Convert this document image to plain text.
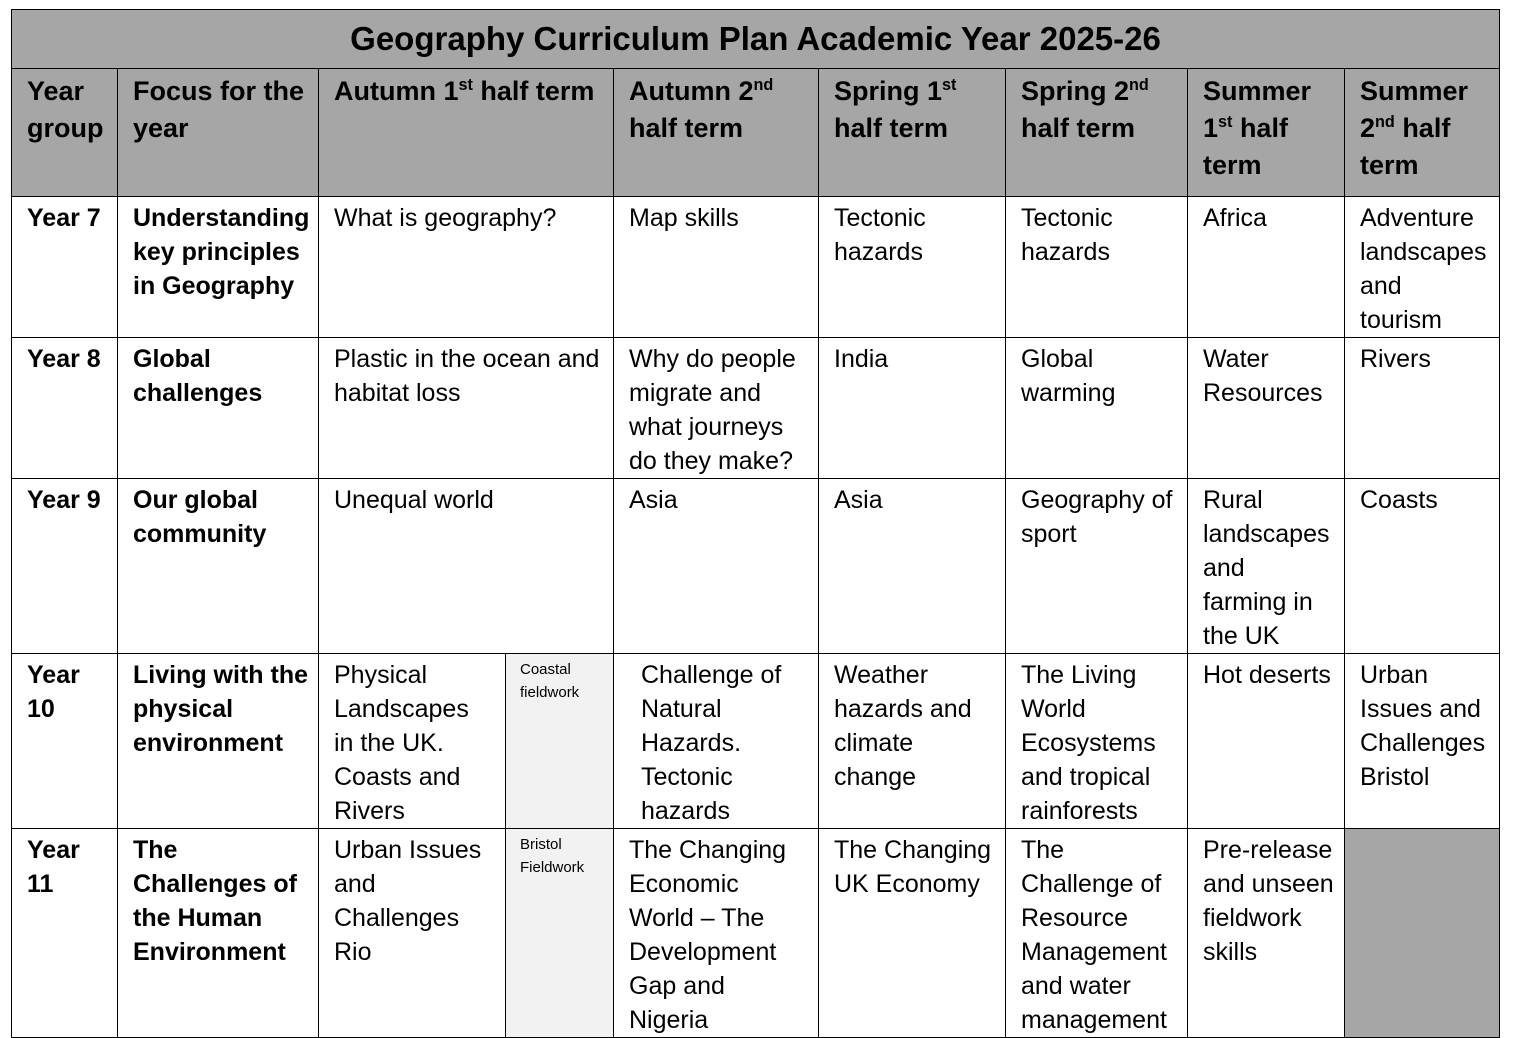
Geography Curriculum Plan Academic Year 2025-26								

Year group	Focus for the year	Autumn 1st half term		Autumn 2nd half term	Spring 1st half term	Spring 2nd half term	Summer 1st half term	Summer 2nd half term

Year 7	Understanding key principles in Geography	What is geography?		Map skills	Tectonic hazards	Tectonic hazards	Africa	Adventure landscapes and tourism

Year 8	Global challenges	Plastic in the ocean and habitat loss		Why do people migrate and what journeys do they make?	India	Global warming	Water Resources	Rivers

Year 9	Our global community	Unequal world		Asia	Asia	Geography of sport	Rural landscapes and farming in the UK	Coasts

Year 10	Living with the physical environment	Physical Landscapes in the UK. Coasts and Rivers	Coastal fieldwork	Challenge of Natural Hazards. Tectonic hazards	Weather hazards and climate change	The Living World Ecosystems and tropical rainforests	Hot deserts	Urban Issues and Challenges Bristol

Year 11	The Challenges of the Human Environment	Urban Issues and Challenges Rio	Bristol Fieldwork	The Changing Economic World – The Development Gap and Nigeria	The Changing UK Economy	The Challenge of Resource Management and water management	Pre-release and unseen fieldwork skills	
